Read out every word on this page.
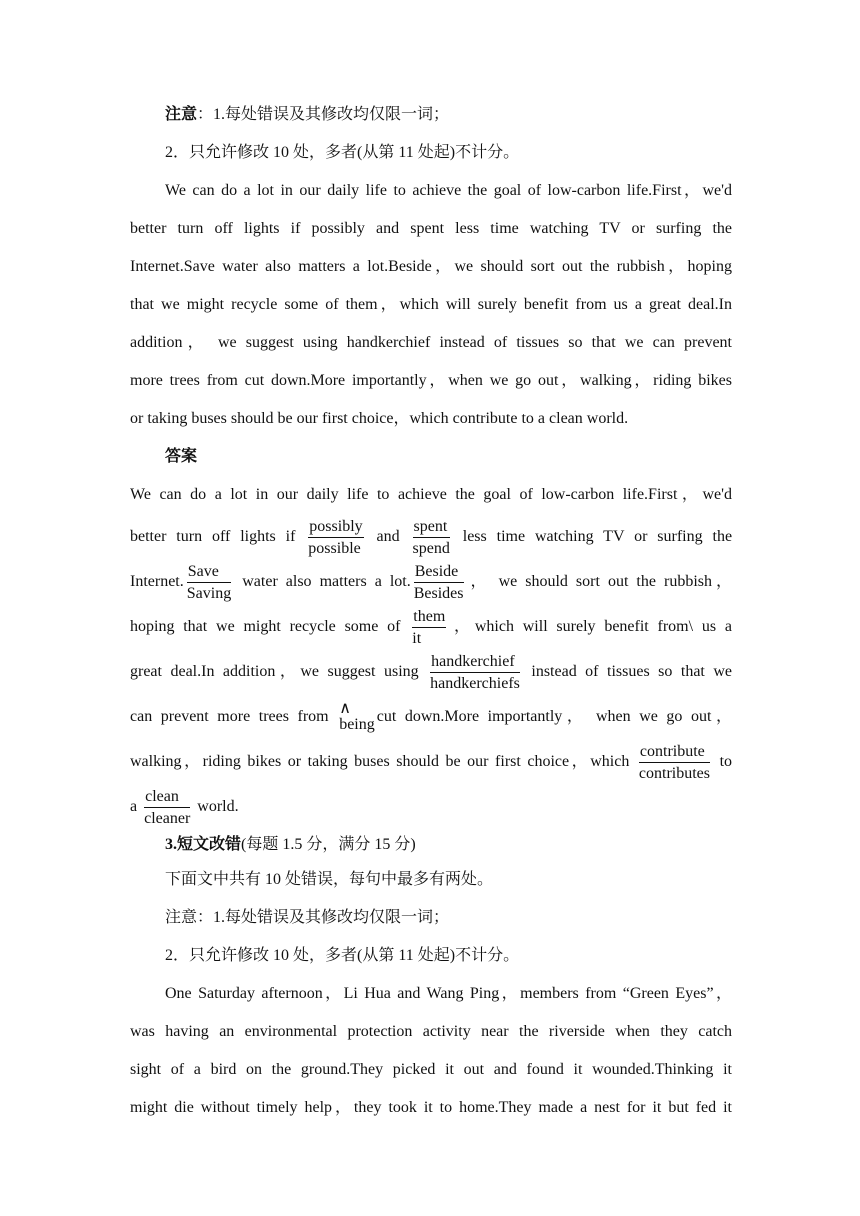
注意：1.每处错误及其修改均仅限一词；
2．只允许修改 10 处，多者(从第 11 处起)不计分。
We can do a lot in our daily life to achieve the goal of low-carbon life.First，we'd
better turn off lights if possibly and spent less time watching TV or surfing the
Internet.Save water also matters a lot.Beside，we should sort out the rubbish，hoping
that we might recycle some of them，which will surely benefit from us a great deal.In
addition， we suggest using handkerchief instead of tissues so that we can prevent
more trees from cut down.More importantly，when we go out，walking，riding bikes
or taking buses should be our first choice，which contribute to a clean world.
答案
We can do a lot in our daily life to achieve the goal of low-carbon life.First，we'd
better turn off lights if $\frac{\text{possibly}}{\text{possible}}$ and $\frac{\text{spent}}{\text{spend}}$ less time watching TV or surfing the
Internet. $\frac{\text{Save}}{\text{Saving}}$ water also matters a lot. $\frac{\text{Beside}}{\text{Besides}}$ ， we should sort out the rubbish，
hoping that we might recycle some of $\frac{\text{them}}{it}$ ，which will surely benefit from\ us a
great deal.In addition，we suggest using $\frac{\text{handkerchief}}{\text{handkerchiefs}}$ instead of tissues so that we
can prevent more trees from ∧
being cut down.More importantly， when we go out，
walking，riding bikes or taking buses should be our first choice，which $\frac{\text{contribute}}{\text{contributes}}$ to
a $\frac{\text{clean}}{\text{cleaner}}$ world.
3.短文改错(每题 1.5 分，满分 15 分)
下面文中共有 10 处错误，每句中最多有两处。
注意：1.每处错误及其修改均仅限一词；
2．只允许修改 10 处，多者(从第 11 处起)不计分。
One Saturday afternoon，Li Hua and Wang Ping，members from “Green Eyes”，
was having an environmental protection activity near the riverside when they catch
sight of a bird on the ground.They picked it out and found it wounded.Thinking it
might die without timely help，they took it to home.They made a nest for it but fed it
